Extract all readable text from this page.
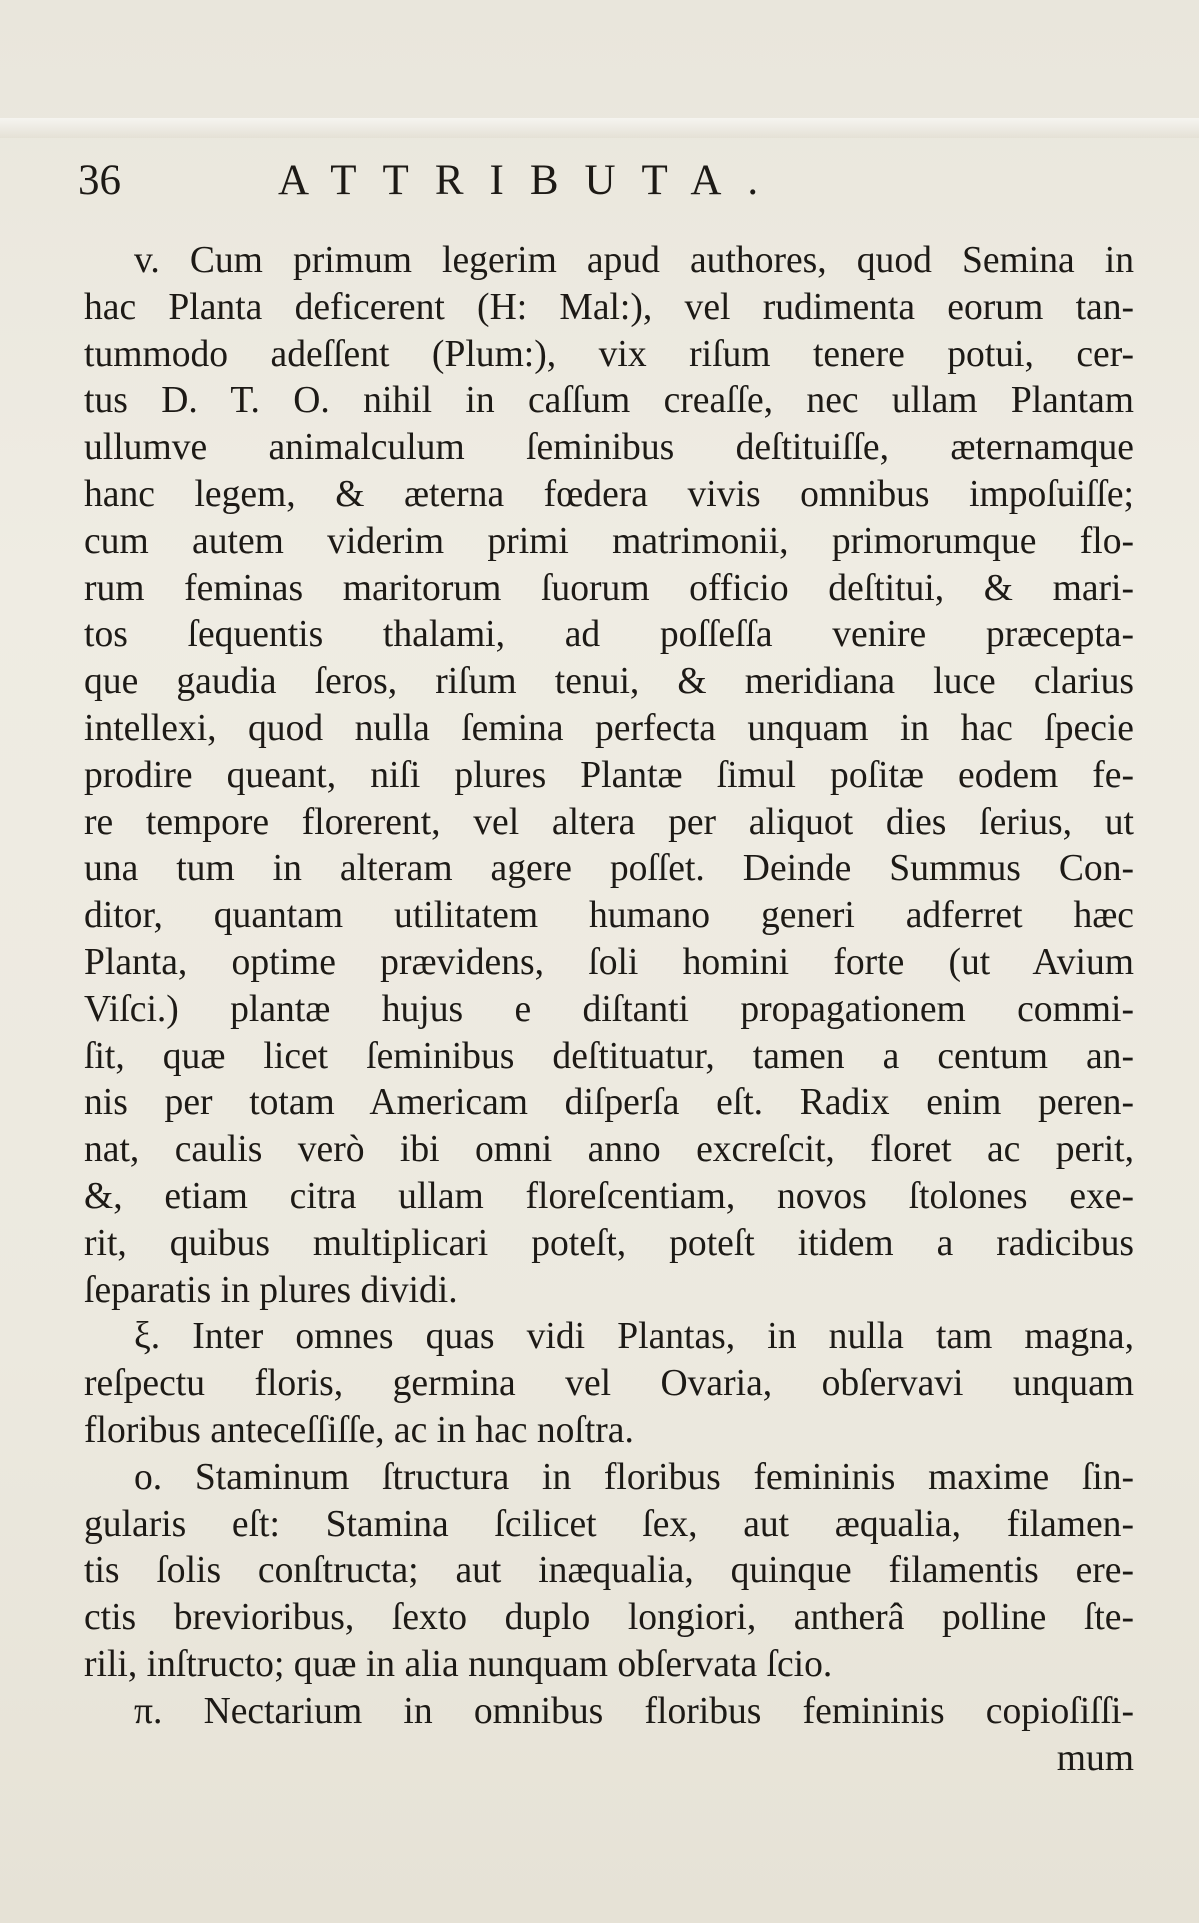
36	ATTRIBUTA.
v. Cum primum legerim apud authores, quod Semina in
hac Planta deficerent (H: Mal:), vel rudimenta eorum tan-
tummodo adeſſent (Plum:), vix riſum tenere potui, cer-
tus D. T. O. nihil in caſſum creaſſe, nec ullam Plantam
ullumve animalculum ſeminibus deſtituiſſe, æternamque
hanc legem, & æterna fœdera vivis omnibus impoſuiſſe;
cum autem viderim primi matrimonii, primorumque flo-
rum feminas maritorum ſuorum officio deſtitui, & mari-
tos ſequentis thalami, ad poſſeſſa venire præcepta-
que gaudia ſeros, riſum tenui, & meridiana luce clarius
intellexi, quod nulla ſemina perfecta unquam in hac ſpecie
prodire queant, niſi plures Plantæ ſimul poſitæ eodem fe-
re tempore florerent, vel altera per aliquot dies ſerius, ut
una tum in alteram agere poſſet. Deinde Summus Con-
ditor, quantam utilitatem humano generi adferret hæc
Planta, optime prævidens, ſoli homini forte (ut Avium
Viſci.) plantæ hujus e diſtanti propagationem commi-
ſit, quæ licet ſeminibus deſtituatur, tamen a centum an-
nis per totam Americam diſperſa eſt. Radix enim peren-
nat, caulis verò ibi omni anno excreſcit, floret ac perit,
&, etiam citra ullam floreſcentiam, novos ſtolones exe-
rit, quibus multiplicari poteſt, poteſt itidem a radicibus
ſeparatis in plures dividi.
ξ. Inter omnes quas vidi Plantas, in nulla tam magna,
reſpectu floris, germina vel Ovaria, obſervavi unquam
floribus anteceſſiſſe, ac in hac noſtra.
o. Staminum ſtructura in floribus femininis maxime ſin-
gularis eſt: Stamina ſcilicet ſex, aut æqualia, filamen-
tis ſolis conſtructa; aut inæqualia, quinque filamentis ere-
ctis brevioribus, ſexto duplo longiori, antherâ polline ſte-
rili, inſtructo; quæ in alia nunquam obſervata ſcio.
π. Nectarium in omnibus floribus femininis copioſiſſi-
mum
